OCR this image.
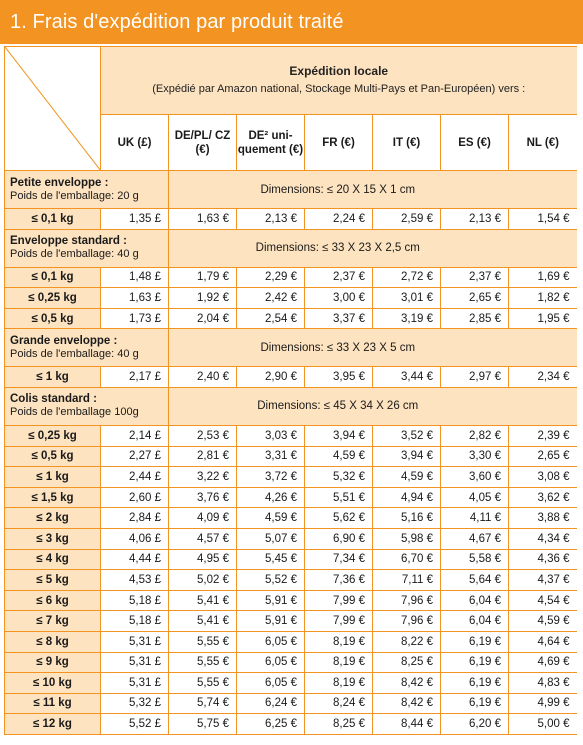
1. Frais d'expédition par produit traité

Expédition locale
(Expédié par Amazon national, Stockage Multi-Pays et Pan-Européen) vers :						
	UK (£)	DE/PL/ CZ (€)	DE² uni- quement (€)	FR (€)	IT (€)	ES (€)	NL (€)

Petite enveloppe :
Poids de l'emballage: 20 g		Dimensions: ≤ 20 X 15 X 1 cm					

≤ 0,1 kg	1,35 £	1,63 €	2,13 €	2,24 €	2,59 €	2,13 €	1,54 €

Enveloppe standard :
Poids de l'emballage: 40 g		Dimensions: ≤ 33 X 23 X 2,5 cm					

≤ 0,1 kg	1,48 £	1,79 €	2,29 €	2,37 €	2,72 €	2,37 €	1,69 €
≤ 0,25 kg	1,63 £	1,92 €	2,42 €	3,00 €	3,01 €	2,65 €	1,82 €
≤ 0,5 kg	1,73 £	2,04 €	2,54 €	3,37 €	3,19 €	2,85 €	1,95 €

Grande enveloppe :
Poids de l'emballage: 40 g		Dimensions: ≤ 33 X 23 X 5 cm					

≤ 1 kg	2,17 £	2,40 €	2,90 €	3,95 €	3,44 €	2,97 €	2,34 €

Colis standard :
Poids de l'emballage 100g		Dimensions: ≤ 45 X 34 X 26 cm					

≤ 0,25 kg	2,14 £	2,53 €	3,03 €	3,94 €	3,52 €	2,82 €	2,39 €
≤ 0,5 kg	2,27 £	2,81 €	3,31 €	4,59 €	3,94 €	3,30 €	2,65 €
≤ 1 kg	2,44 £	3,22 €	3,72 €	5,32 €	4,59 €	3,60 €	3,08 €
≤ 1,5 kg	2,60 £	3,76 €	4,26 €	5,51 €	4,94 €	4,05 €	3,62 €
≤ 2 kg	2,84 £	4,09 €	4,59 €	5,62 €	5,16 €	4,11 €	3,88 €
≤ 3 kg	4,06 £	4,57 €	5,07 €	6,90 €	5,98 €	4,67 €	4,34 €
≤ 4 kg	4,44 £	4,95 €	5,45 €	7,34 €	6,70 €	5,58 €	4,36 €
≤ 5 kg	4,53 £	5,02 €	5,52 €	7,36 €	7,11 €	5,64 €	4,37 €
≤ 6 kg	5,18 £	5,41 €	5,91 €	7,99 €	7,96 €	6,04 €	4,54 €
≤ 7 kg	5,18 £	5,41 €	5,91 €	7,99 €	7,96 €	6,04 €	4,59 €
≤ 8 kg	5,31 £	5,55 €	6,05 €	8,19 €	8,22 €	6,19 €	4,64 €
≤ 9 kg	5,31 £	5,55 €	6,05 €	8,19 €	8,25 €	6,19 €	4,69 €
≤ 10 kg	5,31 £	5,55 €	6,05 €	8,19 €	8,42 €	6,19 €	4,83 €
≤ 11 kg	5,32 £	5,74 €	6,24 €	8,24 €	8,42 €	6,19 €	4,99 €
≤ 12 kg	5,52 £	5,75 €	6,25 €	8,25 €	8,44 €	6,20 €	5,00 €
